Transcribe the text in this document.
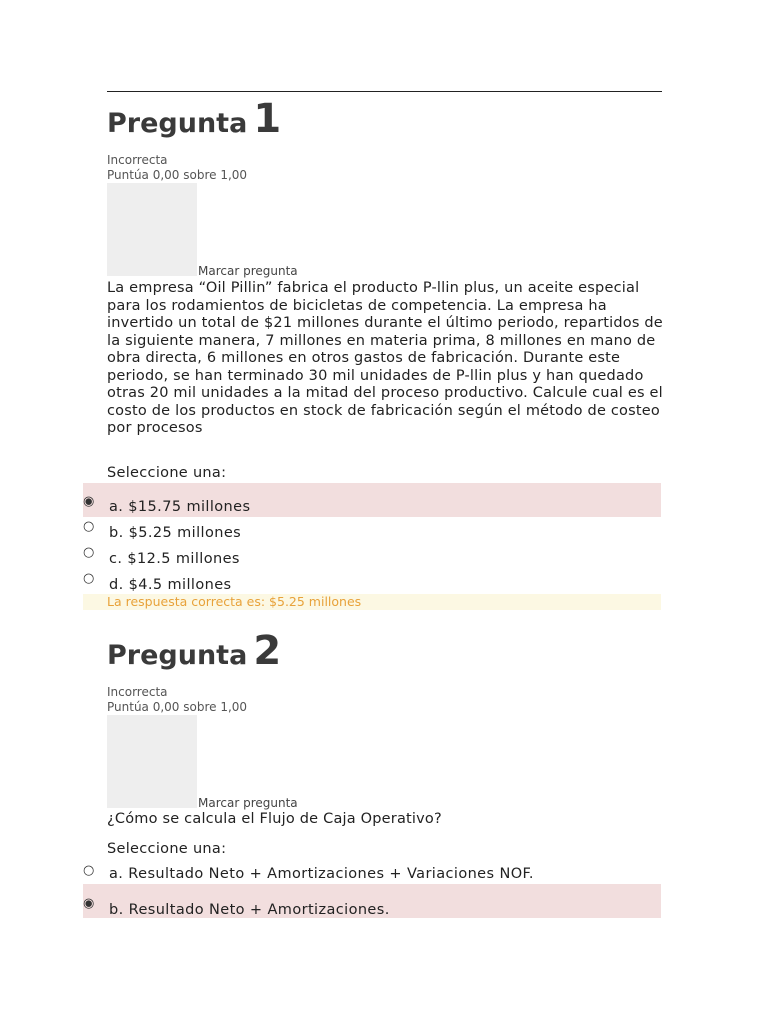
Pregunta 1
Incorrecta
Puntúa 0,00 sobre 1,00
Marcar pregunta
La empresa “Oil Pillin” fabrica el producto P-llin plus, un aceite especial para los rodamientos de bicicletas de competencia. La empresa ha invertido un total de $21 millones durante el último periodo, repartidos de la siguiente manera, 7 millones en materia prima, 8 millones en mano de obra directa, 6 millones en otros gastos de fabricación. Durante este periodo, se han terminado 30 mil unidades de P-llin plus y han quedado otras 20 mil unidades a la mitad del proceso productivo. Calcule cual es el costo de los productos en stock de fabricación según el método de costeo por procesos
Seleccione una:
◉ a. $15.75 millones
○ b. $5.25 millones
○ c. $12.5 millones
○ d. $4.5 millones
La respuesta correcta es: $5.25 millones
Pregunta 2
Incorrecta
Puntúa 0,00 sobre 1,00
Marcar pregunta
¿Cómo se calcula el Flujo de Caja Operativo?
Seleccione una:
○ a. Resultado Neto + Amortizaciones + Variaciones NOF.
◉ b. Resultado Neto + Amortizaciones.
